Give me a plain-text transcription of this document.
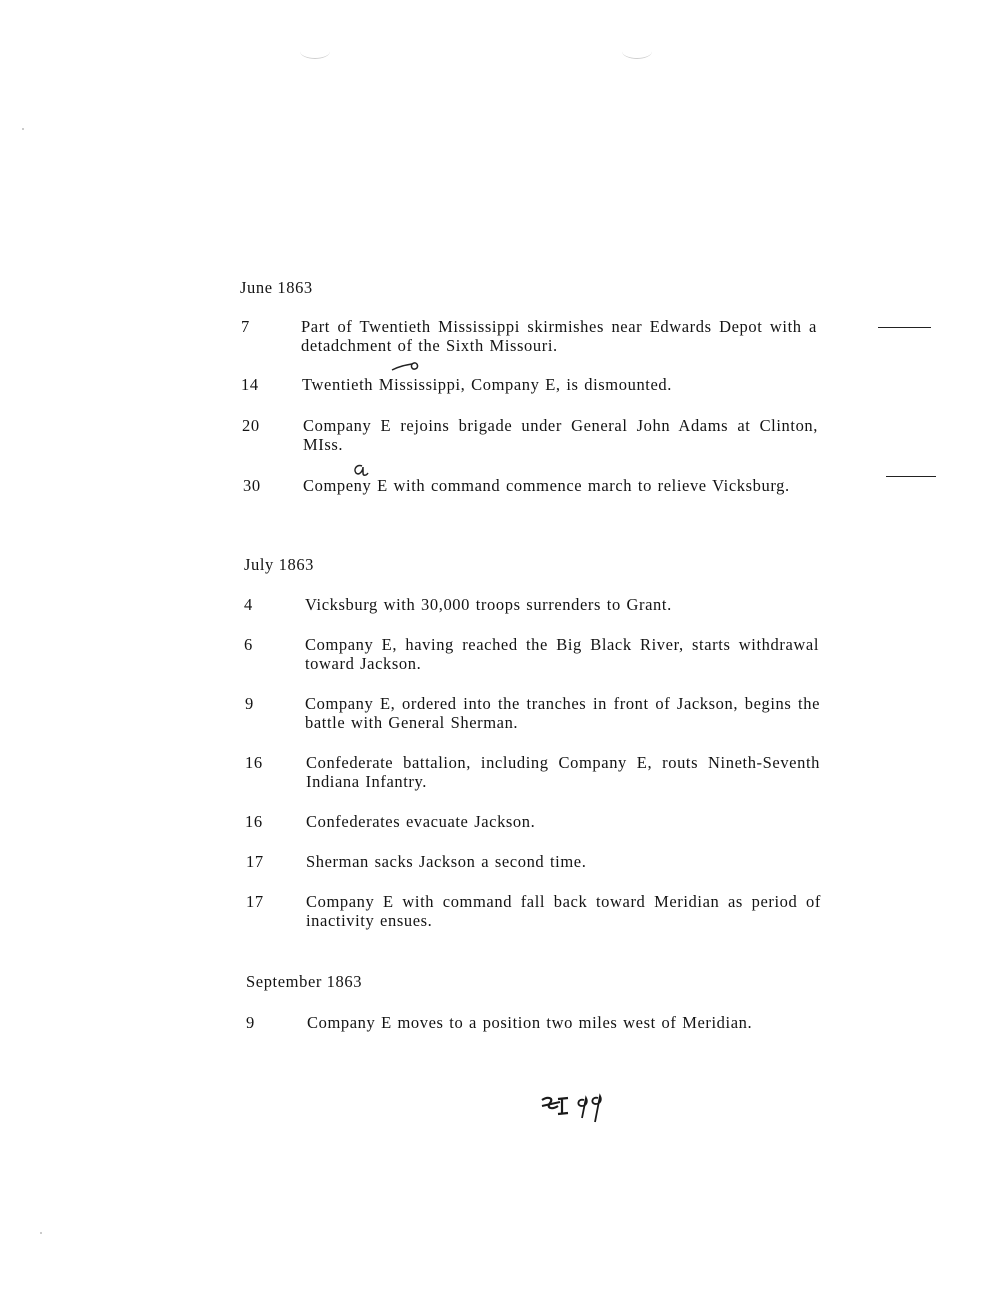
June 1863
7	Part of Twentieth Mississippi skirmishes near Edwards Depot with a detadchment of the Sixth Missouri.
14	Twentieth Mississippi, Company E, is dismounted.
20	Company E rejoins brigade under General John Adams at Clinton, MIss.
30	Compeny E with command commence march to relieve Vicksburg.
July 1863
4	Vicksburg with 30,000 troops surrenders to Grant.
6	Company E, having reached the Big Black River, starts withdrawal toward Jackson.
9	Company E, ordered into the tranches in front of Jackson, begins the battle with General Sherman.
16	Confederate battalion, including Company E, routs Nineth-Seventh Indiana Infantry.
16	Confederates evacuate Jackson.
17	Sherman sacks Jackson a second time.
17	Company E with command fall back toward Meridian as period of inactivity ensues.
September 1863
9	Company E moves to a position two miles west of Meridian.
